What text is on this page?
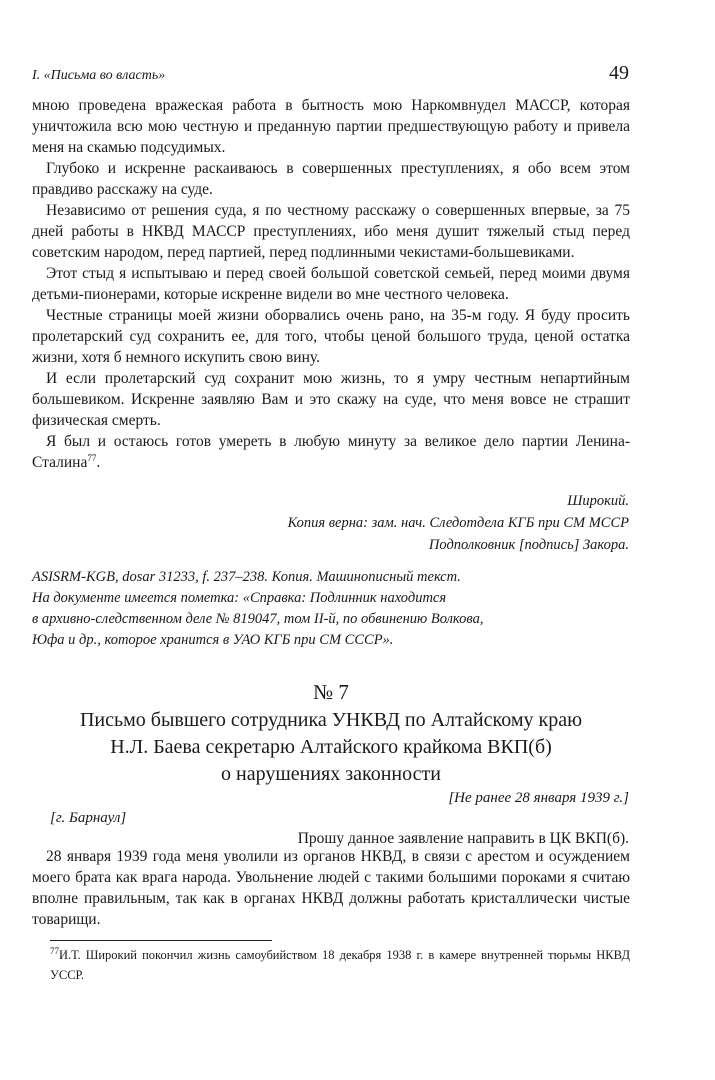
I. «Письма во власть»	49

мною проведена вражеская работа в бытность мою Наркомвнудел МАССР, которая уничтожила всю мою честную и преданную партии предшествующую работу и привела меня на скамью подсудимых.

Глубоко и искренне раскаиваюсь в совершенных преступлениях, я обо всем этом правдиво расскажу на суде.

Независимо от решения суда, я по честному расскажу о совершенных впервые, за 75 дней работы в НКВД МАССР преступлениях, ибо меня душит тяжелый стыд перед советским народом, перед партией, перед подлинными чекистами-большевиками.

Этот стыд я испытываю и перед своей большой советской семьей, перед моими двумя детьми-пионерами, которые искренне видели во мне честного человека.

Честные страницы моей жизни оборвались очень рано, на 35-м году. Я буду просить пролетарский суд сохранить ее, для того, чтобы ценой большого труда, ценой остатка жизни, хотя б немного искупить свою вину.

И если пролетарский суд сохранит мою жизнь, то я умру честным непартийным большевиком. Искренне заявляю Вам и это скажу на суде, что меня вовсе не страшит физическая смерть.

Я был и остаюсь готов умереть в любую минуту за великое дело партии Ленина-Сталина$^{77}$.

Широкий.
Копия верна: зам. нач. Следотдела КГБ при СМ МССР
Подполковник [подпись] Закора.
ASISRM-KGB, dosar 31233, f. 237–238. Копия. Машинописный текст.
На документе имеется пометка: «Справка: Подлинник находится
в архивно-следственном деле № 819047, том II-й, по обвинению Волкова,
Юфа и др., которое хранится в УАО КГБ при СМ СССР».
№ 7
Письмо бывшего сотрудника УНКВД по Алтайскому краю
Н.Л. Баева секретарю Алтайского крайкома ВКП(б)
о нарушениях законности
[Не ранее 28 января 1939 г.]
[г. Барнаул]
Прошу данное заявление направить в ЦК ВКП(б).

28 января 1939 года меня уволили из органов НКВД, в связи с арестом и осуждением моего брата как врага народа. Увольнение людей с такими большими пороками я считаю вполне правильным, так как в органах НКВД должны работать кристаллически чистые товарищи.

$^{77}$И.Т. Широкий покончил жизнь самоубийством 18 декабря 1938 г. в камере внутренней тюрьмы НКВД УССР.
